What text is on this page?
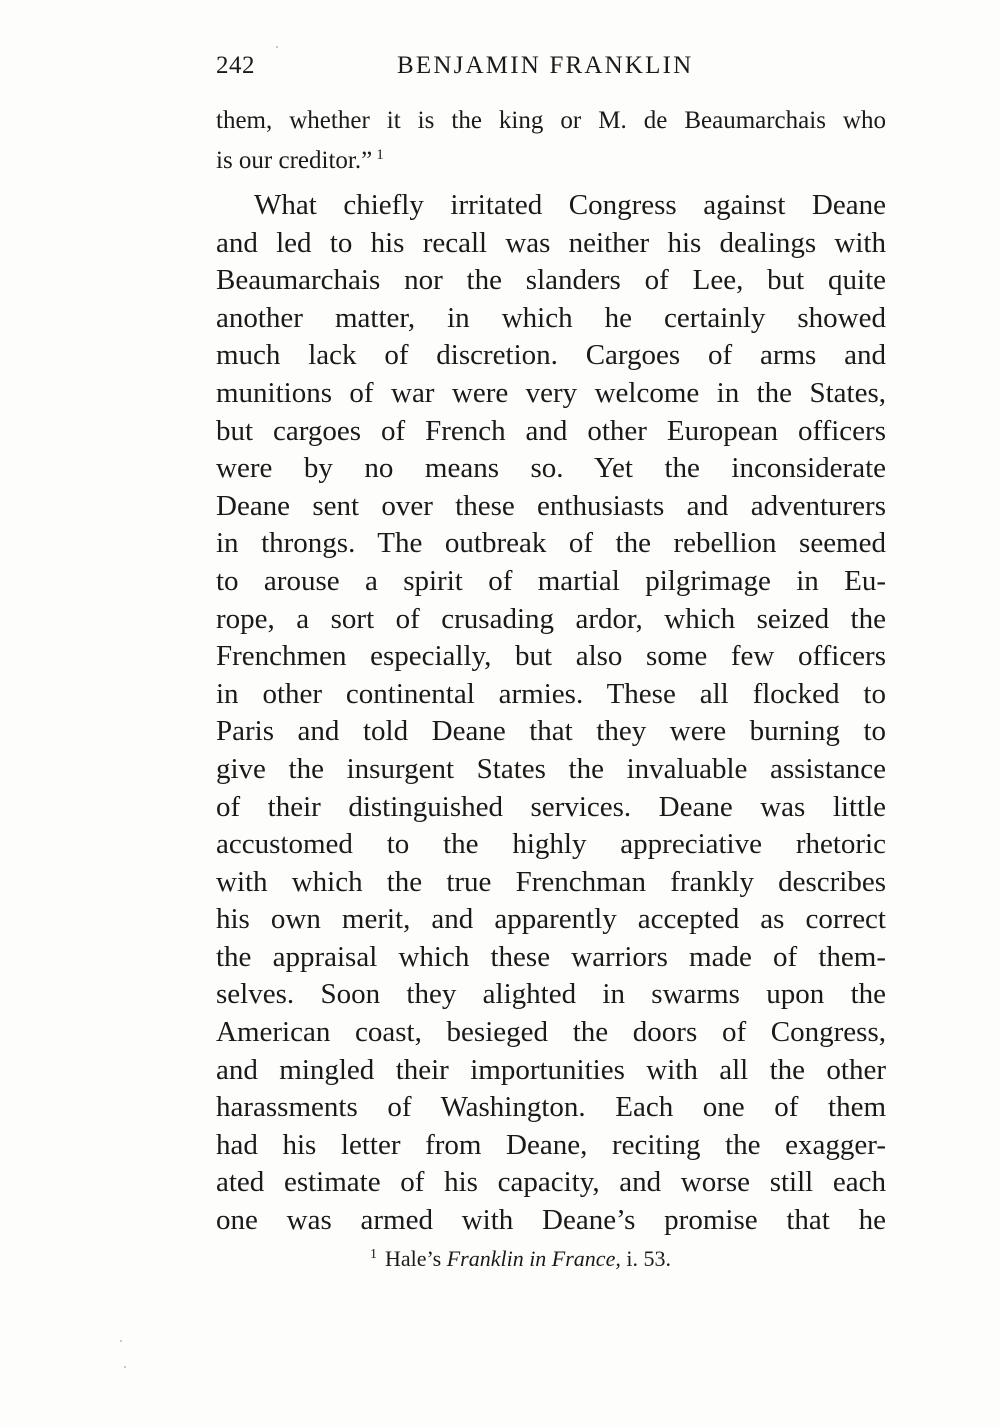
242	BENJAMIN FRANKLIN
them, whether it is the king or M. de Beaumarchais who
is our creditor.” $^1$
What chiefly irritated Congress against Deane
and led to his recall was neither his dealings with
Beaumarchais nor the slanders of Lee, but quite
another matter, in which he certainly showed
much lack of discretion. Cargoes of arms and
munitions of war were very welcome in the States,
but cargoes of French and other European officers
were by no means so. Yet the inconsiderate
Deane sent over these enthusiasts and adventurers
in throngs. The outbreak of the rebellion seemed
to arouse a spirit of martial pilgrimage in Eu-
rope, a sort of crusading ardor, which seized the
Frenchmen especially, but also some few officers
in other continental armies. These all flocked to
Paris and told Deane that they were burning to
give the insurgent States the invaluable assistance
of their distinguished services. Deane was little
accustomed to the highly appreciative rhetoric
with which the true Frenchman frankly describes
his own merit, and apparently accepted as correct
the appraisal which these warriors made of them-
selves. Soon they alighted in swarms upon the
American coast, besieged the doors of Congress,
and mingled their importunities with all the other
harassments of Washington. Each one of them
had his letter from Deane, reciting the exagger-
ated estimate of his capacity, and worse still each
one was armed with Deane’s promise that he
$^1$ Hale’s Franklin in France, i. 53.
